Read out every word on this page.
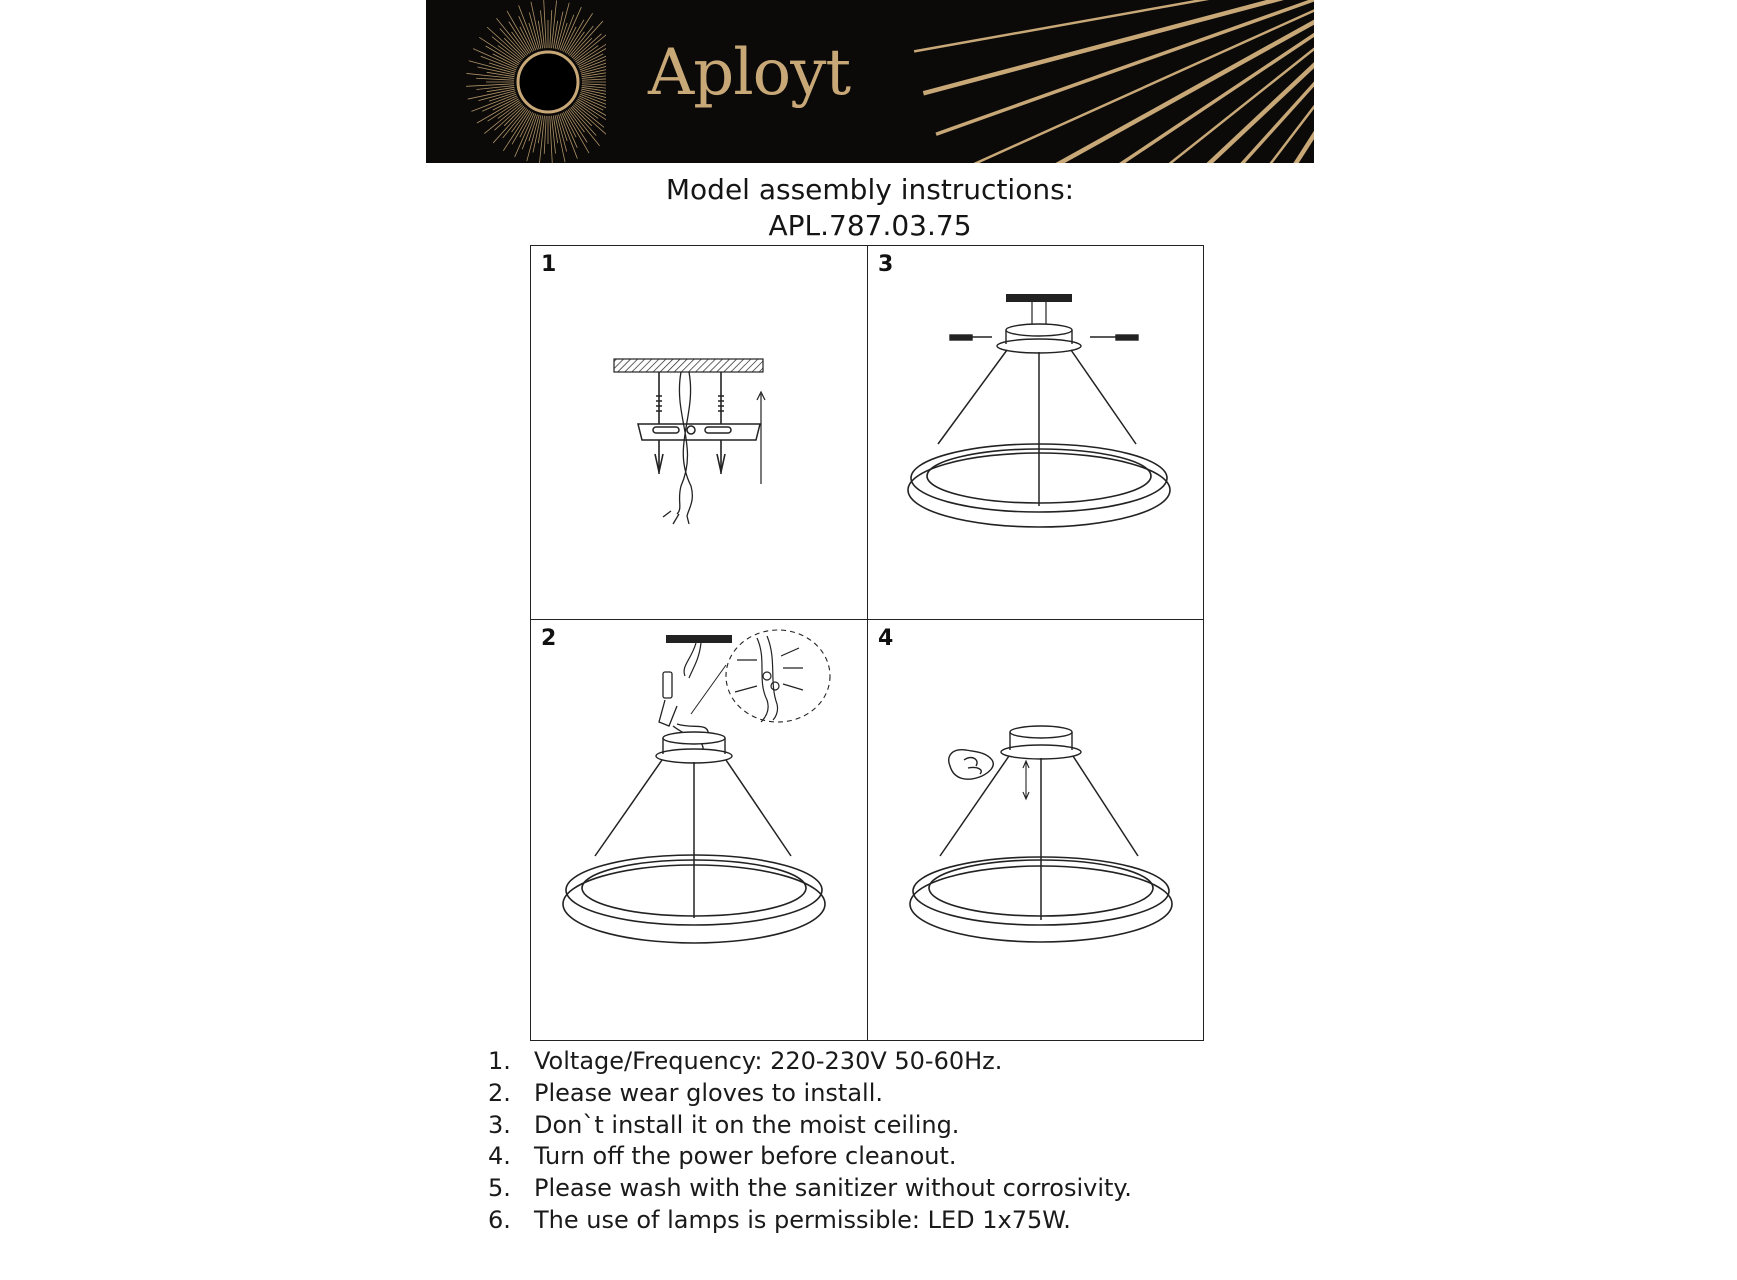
Aployt
Model assembly instructions:
APL.787.03.75
1	3
2	4
1. Voltage/Frequency: 220-230V 50-60Hz.
2. Please wear gloves to install.
3. Don`t install it on the moist ceiling.
4. Turn off the power before cleanout.
5. Please wash with the sanitizer without corrosivity.
6. The use of lamps is permissible: LED 1x75W.
